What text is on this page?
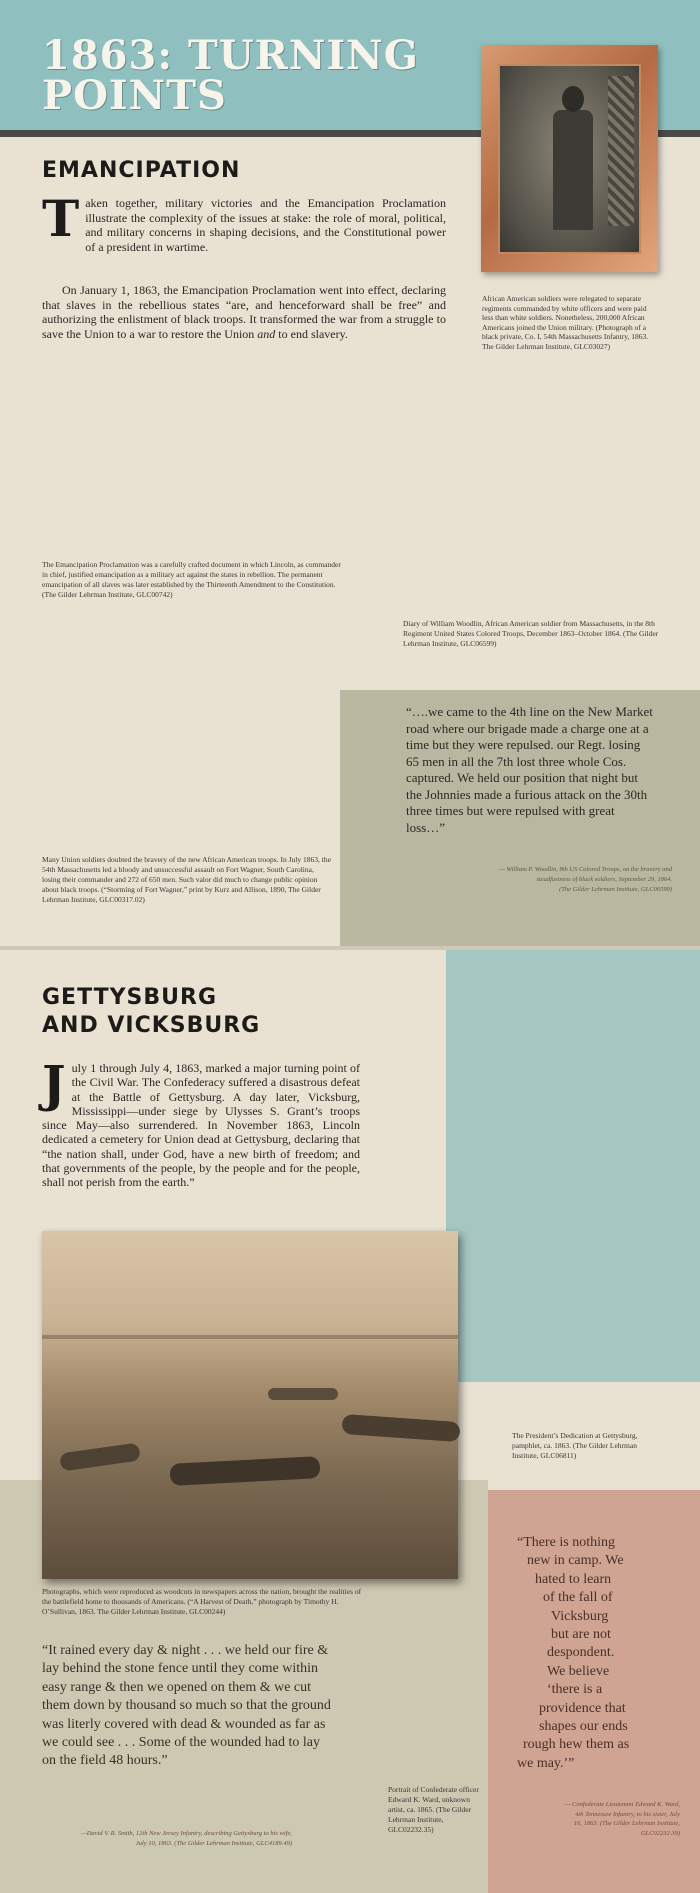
1863: TURNING POINTS
African American soldiers were relegated to separate regiments commanded by white officers and were paid less than white soldiers. Nonetheless, 200,000 African Americans joined the Union military. (Photograph of a black private, Co. I, 54th Massachusetts Infantry, 1863. The Gilder Lehrman Institute, GLC03027)
EMANCIPATION
T aken together, military victories and the Emancipation Proclamation illustrate the complexity of the issues at stake: the role of moral, political, and military concerns in shaping decisions, and the Constitutional power of a president in wartime.

On January 1, 1863, the Emancipation Proclamation went into effect, declaring that slaves in the rebellious states “are, and henceforward shall be free” and authorizing the enlistment of black troops. It transformed the war from a struggle to save the Union to a war to restore the Union and to end slavery.

The Emancipation Proclamation was a carefully crafted document in which Lincoln, as commander in chief, justified emancipation as a military act against the states in rebellion. The permanent emancipation of all slaves was later established by the Thirteenth Amendment to the Constitution. (The Gilder Lehrman Institute, GLC00742)
Diary of William Woodlin, African American soldier from Massachusetts, in the 8th Regiment United States Colored Troops, December 1863–October 1864. (The Gilder Lehrman Institute, GLC06599)
“….we came to the 4th line on the New Market road where our brigade made a charge one at a time but they were repulsed. our Regt. losing 65 men in all the 7th lost three whole Cos. captured. We held our position that night but the Johnnies made a furious attack on the 30th three times but were repulsed with great loss…”
— William P. Woodlin, 8th US Colored Troops, on the bravery and
steadfastness of black soldiers, September 29, 1864.
(The Gilder Lehrman Institute, GLC06599)
Many Union soldiers doubted the bravery of the new African American troops. In July 1863, the 54th Massachusetts led a bloody and unsuccessful assault on Fort Wagner, South Carolina, losing their commander and 272 of 650 men. Such valor did much to change public opinion about black troops. (“Storming of Fort Wagner,” print by Kurz and Allison, 1890, The Gilder Lehrman Institute, GLC00317.02)
GETTYSBURG
AND VICKSBURG
J uly 1 through July 4, 1863, marked a major turning point of the Civil War. The Confederacy suffered a disastrous defeat at the Battle of Gettysburg. A day later, Vicksburg, Mississippi—under siege by Ulysses S. Grant’s troops since May—also surrendered. In November 1863, Lincoln dedicated a cemetery for Union dead at Gettysburg, declaring that “the nation shall, under God, have a new birth of freedom; and that governments of the people, by the people and for the people, shall not perish from the earth.”

Photographs, which were reproduced as woodcuts in newspapers across the nation, brought the realities of the battlefield home to thousands of Americans. (“A Harvest of Death,” photograph by Timothy H. O’Sullivan, 1863. The Gilder Lehrman Institute, GLC00244)
The President’s Dedication at Gettysburg, pamphlet, ca. 1863. (The Gilder Lehrman Institute, GLC06811)
“It rained every day & night . . . we held our fire & lay behind the stone fence until they come within easy range & then we opened on them & we cut them down by thousand so much so that the ground was literly covered with dead & wounded as far as we could see . . . Some of the wounded had to lay on the field 48 hours.”
—David V. R. Smith, 12th New Jersey Infantry, describing Gettysburg to his wife,
July 10, 1863. (The Gilder Lehrman Institute, GLC4189.49)
Portrait of Confederate officer Edward K. Ward, unknown artist, ca. 1865. (The Gilder Lehrman Institute, GLC02232.35)
“There is nothing
new in camp. We
hated to learn
of the fall of
Vicksburg
but are not
despondent.
We believe
‘there is a
providence that
shapes our ends
rough hew them as
we may.’”
— Confederate Lieutenant Edward K. Ward,
4th Tennessee Infantry, to his sister, July
16, 1863. (The Gilder Lehrman Institute,
GLC02232.39)
